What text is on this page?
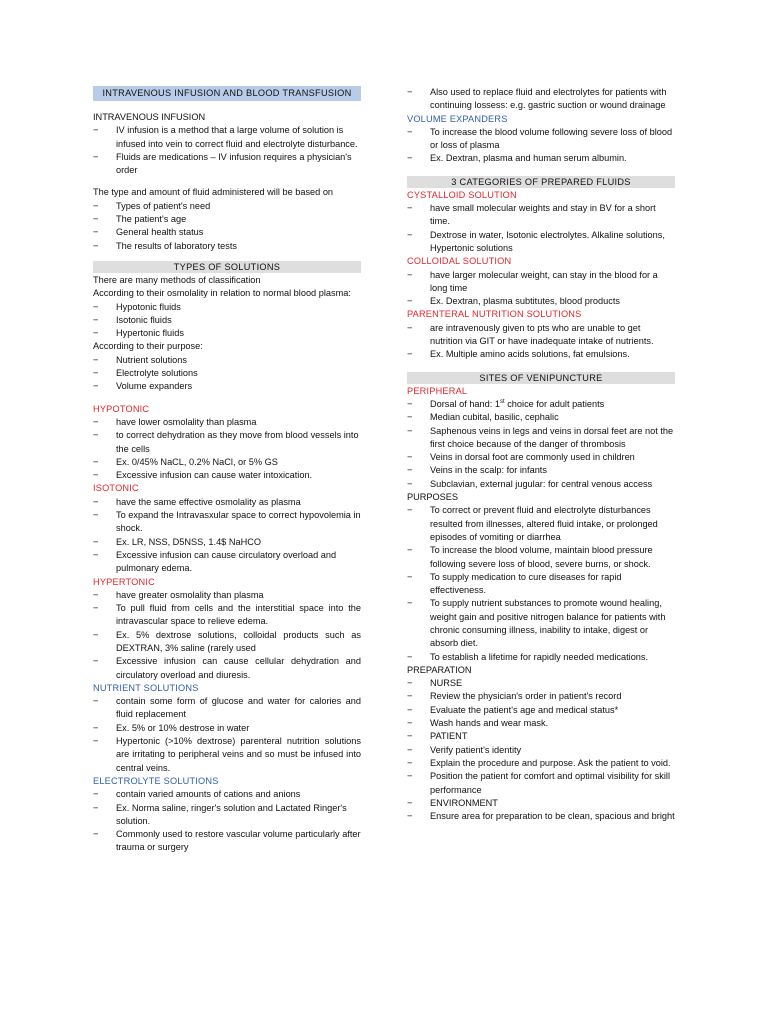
INTRAVENOUS INFUSION AND BLOOD TRANSFUSION
INTRAVENOUS INFUSION
− IV infusion is a method that a large volume of solution is infused into vein to correct fluid and electrolyte disturbance.
− Fluids are medications – IV infusion requires a physician's order
The type and amount of fluid administered will be based on
− Types of patient's need
− The patient's age
− General health status
− The results of laboratory tests
TYPES OF SOLUTIONS
There are many methods of classification
According to their osmolality in relation to normal blood plasma:
− Hypotonic fluids
− Isotonic fluids
− Hypertonic fluids
According to their purpose:
− Nutrient solutions
− Electrolyte solutions
− Volume expanders
HYPOTONIC
− have lower osmolality than plasma
− to correct dehydration as they move from blood vessels into the cells
− Ex. 0/45% NaCL, 0.2% NaCl, or 5% GS
− Excessive infusion can cause water intoxication.
ISOTONIC
− have the same effective osmolality as plasma
− To expand the Intravasxular space to correct hypovolemia in shock.
− Ex. LR, NSS, D5NSS, 1.4$ NaHCO
− Excessive infusion can cause circulatory overload and pulmonary edema.
HYPERTONIC
− have greater osmolality than plasma
− To pull fluid from cells and the interstitial space into the intravascular space to relieve edema.
− Ex. 5% dextrose solutions, colloidal products such as DEXTRAN, 3% saline (rarely used
− Excessive infusion can cause cellular dehydration and circulatory overload and diuresis.
NUTRIENT SOLUTIONS
− contain some form of glucose and water for calories and fluid replacement
− Ex. 5% or 10% destrose in water
− Hypertonic (>10% dextrose) parenteral nutrition solutions are irritating to peripheral veins and so must be infused into central veins.
ELECTROLYTE SOLUTIONS
− contain varied amounts of cations and anions
− Ex. Norma saline, ringer's solution and Lactated Ringer's solution.
− Commonly used to restore vascular volume particularly after trauma or surgery
− Also used to replace fluid and electrolytes for patients with continuing lossess: e.g. gastric suction or wound drainage
VOLUME EXPANDERS
− To increase the blood volume following severe loss of blood or loss of plasma
− Ex. Dextran, plasma and human serum albumin.
3 CATEGORIES OF PREPARED FLUIDS
CYSTALLOID SOLUTION
− have small molecular weights and stay in BV for a short time.
− Dextrose in water, Isotonic electrolytes. Alkaline solutions, Hypertonic solutions
COLLOIDAL SOLUTION
− have larger molecular weight, can stay in the blood for a long time
− Ex. Dextran, plasma subtitutes, blood products
PARENTERAL NUTRITION SOLUTIONS
− are intravenously given to pts who are unable to get nutrition via GIT or have inadequate intake of nutrients.
− Ex. Multiple amino acids solutions, fat emulsions.
SITES OF VENIPUNCTURE
PERIPHERAL
− Dorsal of hand: 1st choice for adult patients
− Median cubital, basilic, cephalic
− Saphenous veins in legs and veins in dorsal feet are not the first choice because of the danger of thrombosis
− Veins in dorsal foot are commonly used in children
− Veins in the scalp: for infants
− Subclavian, external jugular: for central venous access
PURPOSES
− To correct or prevent fluid and electrolyte disturbances resulted from illnesses, altered fluid intake, or prolonged episodes of vomiting or diarrhea
− To increase the blood volume, maintain blood pressure following severe loss of blood, severe burns, or shock.
− To supply medication to cure diseases for rapid effectiveness.
− To supply nutrient substances to promote wound healing, weight gain and positive nitrogen balance for patients with chronic consuming illness, inability to intake, digest or absorb diet.
− To establish a lifetime for rapidly needed medications.
PREPARATION
− NURSE
− Review the physician's order in patient's record
− Evaluate the patient's age and medical status*
− Wash hands and wear mask.
− PATIENT
− Verify patient's identity
− Explain the procedure and purpose. Ask the patient to void.
− Position the patient for comfort and optimal visibility for skill performance
− ENVIRONMENT
− Ensure area for preparation to be clean, spacious and bright
